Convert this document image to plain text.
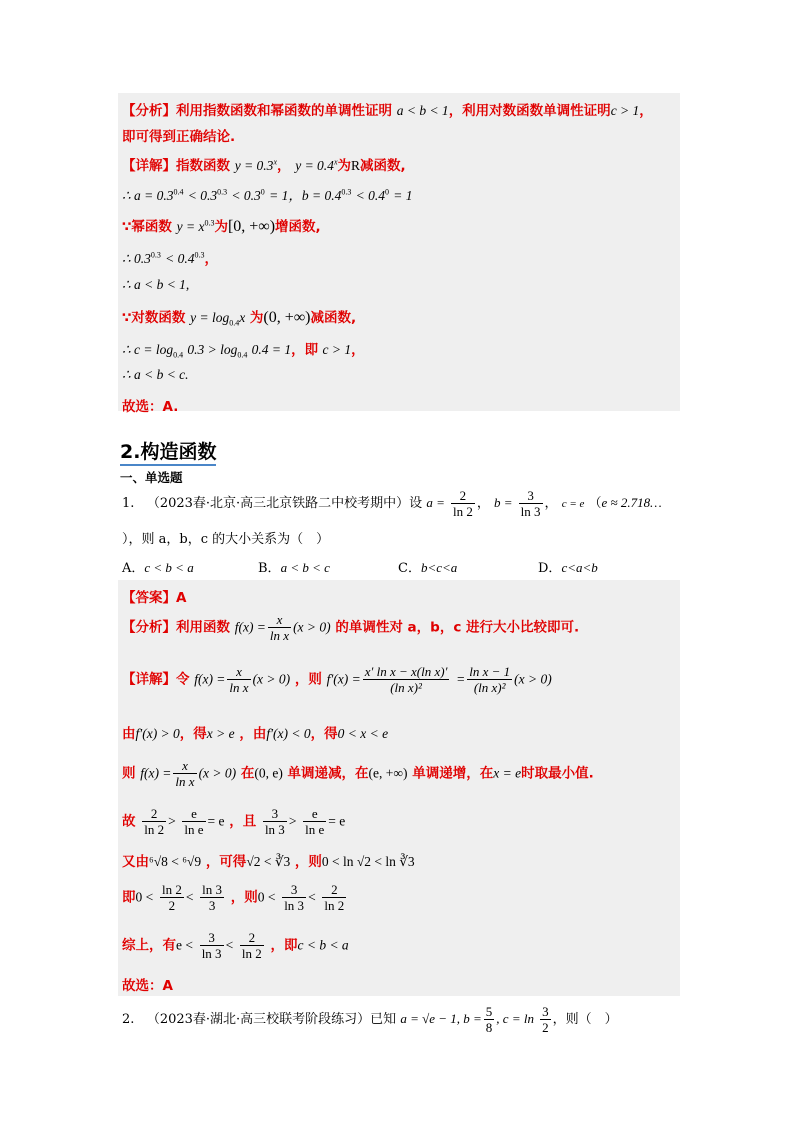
【分析】利用指数函数和幂函数的单调性证明 a < b < 1，利用对数函数单调性证明c > 1，
即可得到正确结论.
【详解】指数函数 $y = 0.3^x$， $y = 0.4^x$为R减函数,
∴ $a = 0.3^{0.4} < 0.3^{0.3} < 0.3^0 = 1$，$b = 0.4^{0.3} < 0.4^0 = 1$
∵幂函数 $y = x^{0.3}$为[0, +∞)增函数,
∴ $0.3^{0.3} < 0.4^{0.3}$，
∴ a < b < 1,
∵对数函数 $y = \log_{0.4}x$ 为(0, +∞)减函数,
∴ $c = \log_{0.4} 0.3 > \log_{0.4} 0.4 = 1$，即 c > 1，
∴ a < b < c.
故选：A.
2.构造函数
一、单选题
1. （2023春·北京·高三北京铁路二中校考期中）设 $a = \frac{2}{\ln 2}$ ， $b = \frac{3}{\ln 3}$ ， c = e （e ≈ 2.718…
），则 a，b，c 的大小关系为（　）
A．c < b < a	B．a < b < c	C．b<c<a	D．c<a<b
【答案】A
【分析】利用函数 $f(x) = \frac{x}{\text{ln x}} (x > 0)$ 的单调性对 a，b，c 进行大小比较即可.
【详解】令 $f(x) = \frac{x}{\text{ln x}} (x > 0)$ ，则 $f'(x) = \frac{\text{x′ ln x − x(ln x)′}}{\text{(ln x)²}} = \frac{\text{ln x − 1}}{\text{(ln x)²}} (x > 0)$
由f′(x) > 0，得x > e ，由f′(x) < 0，得0 < x < e
则 $f(x) = \frac{x}{\text{ln x}} (x > 0)$ 在(0, e) 单调递减，在(e, +∞) 单调递增，在x = e时取最小值.
故 $\frac{2}{\ln 2} > \frac{e}{\text{ln e}} = e$ ，且 $\frac{3}{\ln 3} > \frac{e}{\text{ln e}} = e$
又由⁶√8 < ⁶√9 ，可得√2 < ∛3 ，则0 < ln √2 < ln ∛3
即$0 < \frac{\ln 2}{2} < \frac{\ln 3}{3}$ ，则$0 < \frac{3}{\ln 3} < \frac{2}{\ln 2}$
综上，有$e < \frac{3}{\ln 3} < \frac{2}{\ln 2}$ ，即c < b < a
故选：A
2. （2023春·湖北·高三校联考阶段练习）已知 a = √e − 1, $b = \frac{5}{8}$ , $c = \ln \frac{3}{2}$ ，则（　）
